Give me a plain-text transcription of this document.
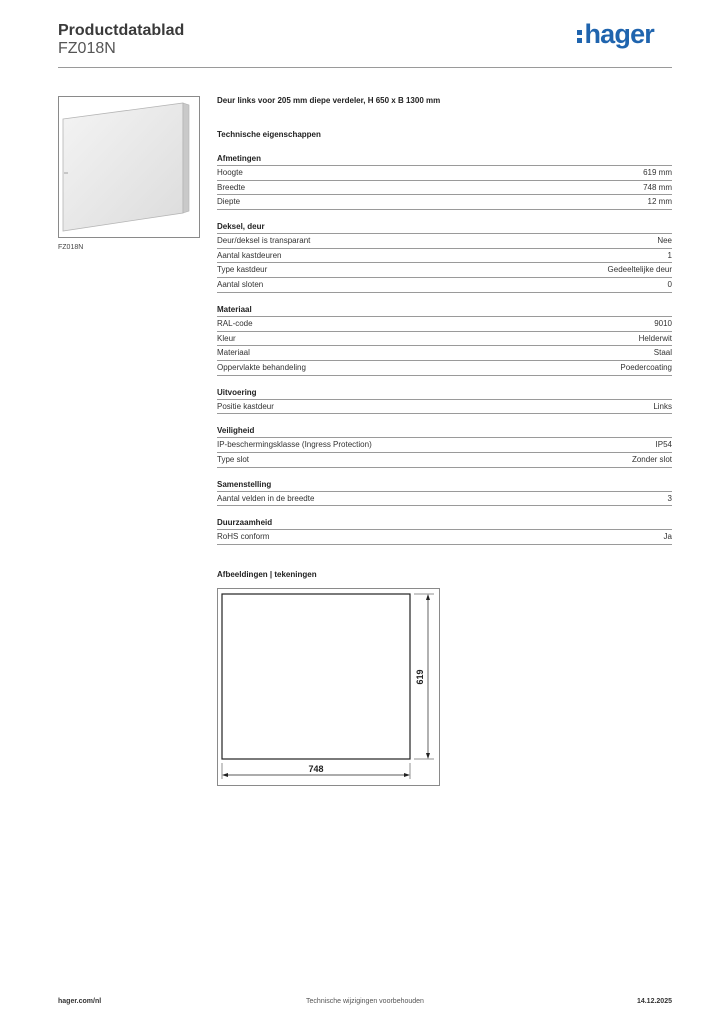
Productdatablad
FZ018N	hager
FZ018N
Deur links voor 205 mm diepe verdeler, H 650 x B 1300 mm
Technische eigenschappen
Afmetingen
Hoogte	619 mm
Breedte	748 mm
Diepte	12 mm
Deksel, deur
Deur/deksel is transparant	Nee
Aantal kastdeuren	1
Type kastdeur	Gedeeltelijke deur
Aantal sloten	0
Materiaal
RAL-code	9010
Kleur	Helderwit
Materiaal	Staal
Oppervlakte behandeling	Poedercoating
Uitvoering
Positie kastdeur	Links
Veiligheid
IP-beschermingsklasse (Ingress Protection)	IP54
Type slot	Zonder slot
Samenstelling
Aantal velden in de breedte	3
Duurzaamheid
RoHS conform	Ja
Afbeeldingen | tekeningen
748
619
hager.com/nl	Technische wijzigingen voorbehouden	14.12.2025
